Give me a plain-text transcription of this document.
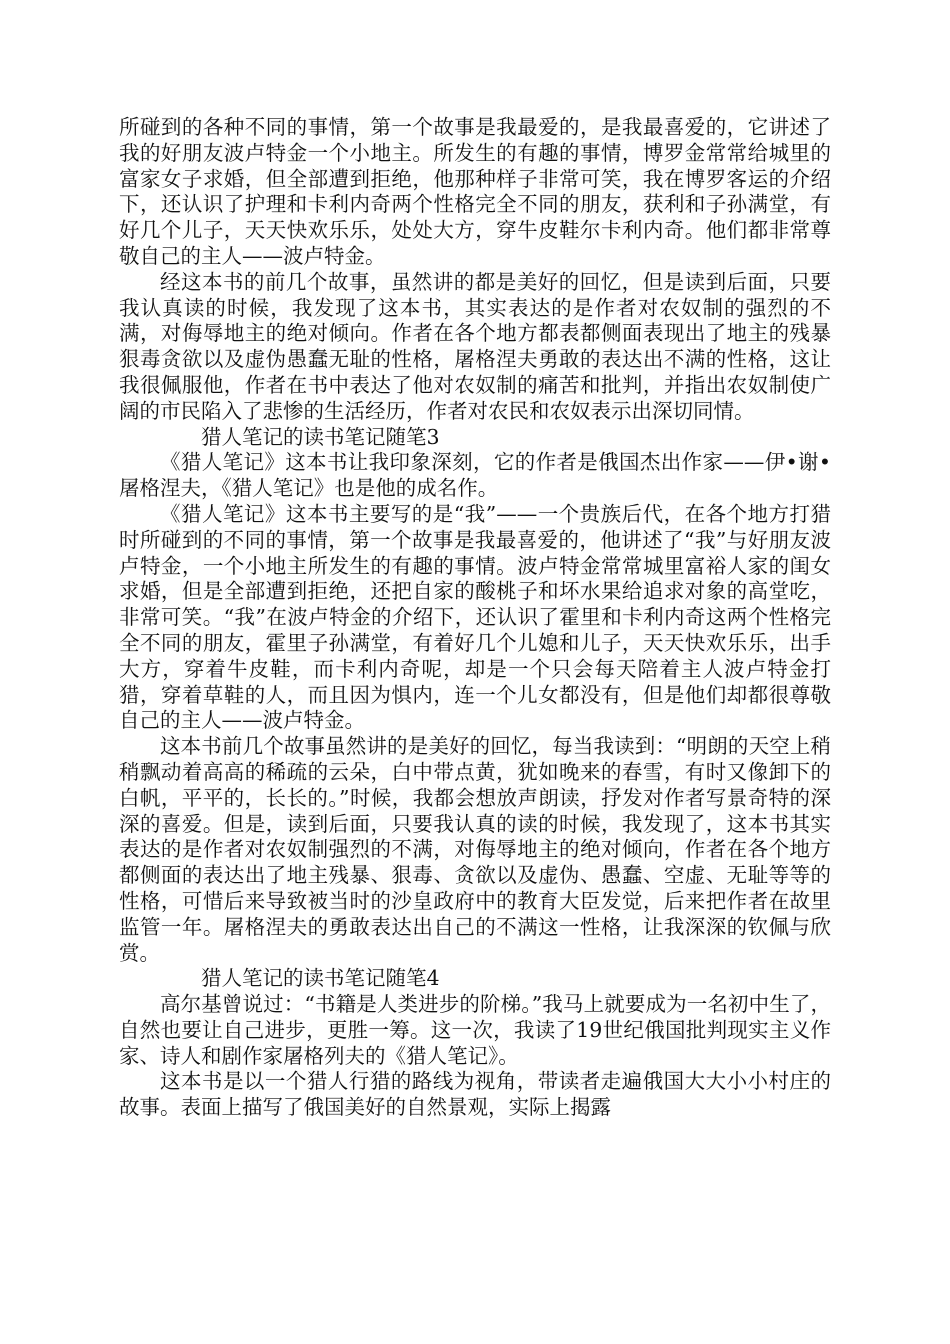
所碰到的各种不同的事情，第一个故事是我最爱的，是我最喜爱的，它讲述了我的好朋友波卢特金一个小地主。所发生的有趣的事情，博罗金常常给城里的富家女子求婚，但全部遭到拒绝，他那种样子非常可笑，我在博罗客运的介绍下，还认识了护理和卡利内奇两个性格完全不同的朋友，获利和子孙满堂，有好几个儿子，天天快欢乐乐，处处大方，穿牛皮鞋尔卡利内奇。他们都非常尊敬自己的主人——波卢特金。

经这本书的前几个故事，虽然讲的都是美好的回忆，但是读到后面，只要我认真读的时候，我发现了这本书，其实表达的是作者对农奴制的强烈的不满，对侮辱地主的绝对倾向。作者在各个地方都表都侧面表现出了地主的残暴狠毒贪欲以及虚伪愚蠢无耻的性格，屠格涅夫勇敢的表达出不满的性格，这让我很佩服他，作者在书中表达了他对农奴制的痛苦和批判，并指出农奴制使广阔的市民陷入了悲惨的生活经历，作者对农民和农奴表示出深切同情。

猎人笔记的读书笔记随笔3

《猎人笔记》这本书让我印象深刻，它的作者是俄国杰出作家——伊•谢•屠格涅夫，《猎人笔记》也是他的成名作。

《猎人笔记》这本书主要写的是“我”——一个贵族后代，在各个地方打猎时所碰到的不同的事情，第一个故事是我最喜爱的，他讲述了“我”与好朋友波卢特金，一个小地主所发生的有趣的事情。波卢特金常常城里富裕人家的闺女求婚，但是全部遭到拒绝，还把自家的酸桃子和坏水果给追求对象的高堂吃，非常可笑。“我”在波卢特金的介绍下，还认识了霍里和卡利内奇这两个性格完全不同的朋友，霍里子孙满堂，有着好几个儿媳和儿子，天天快欢乐乐，出手大方，穿着牛皮鞋，而卡利内奇呢，却是一个只会每天陪着主人波卢特金打猎，穿着草鞋的人，而且因为惧内，连一个儿女都没有，但是他们却都很尊敬自己的主人——波卢特金。

这本书前几个故事虽然讲的是美好的回忆，每当我读到：“明朗的天空上稍稍飘动着高高的稀疏的云朵，白中带点黄，犹如晚来的春雪，有时又像卸下的白帆，平平的，长长的。”时候，我都会想放声朗读，抒发对作者写景奇特的深深的喜爱。但是，读到后面，只要我认真的读的时候，我发现了，这本书其实表达的是作者对农奴制强烈的不满，对侮辱地主的绝对倾向，作者在各个地方都侧面的表达出了地主残暴、狠毒、贪欲以及虚伪、愚蠢、空虚、无耻等等的性格，可惜后来导致被当时的沙皇政府中的教育大臣发觉，后来把作者在故里监管一年。屠格涅夫的勇敢表达出自己的不满这一性格，让我深深的钦佩与欣赏。

猎人笔记的读书笔记随笔4

高尔基曾说过：“书籍是人类进步的阶梯。”我马上就要成为一名初中生了，自然也要让自己进步，更胜一筹。这一次，我读了19世纪俄国批判现实主义作家、诗人和剧作家屠格列夫的《猎人笔记》。

这本书是以一个猎人行猎的路线为视角，带读者走遍俄国大大小小村庄的故事。表面上描写了俄国美好的自然景观，实际上揭露
